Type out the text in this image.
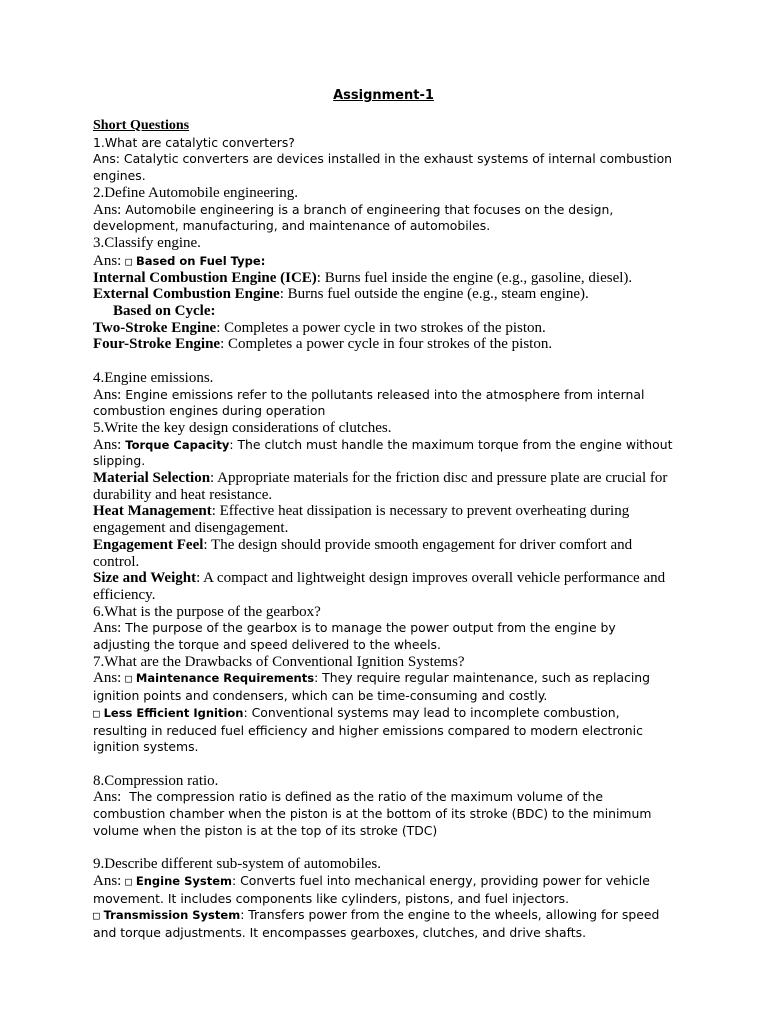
Assignment-1
Short Questions

1.What are catalytic converters?

Ans: Catalytic converters are devices installed in the exhaust systems of internal combustion engines.

2.Define Automobile engineering.

Ans: Automobile engineering is a branch of engineering that focuses on the design, development, manufacturing, and maintenance of automobiles.

3.Classify engine.

Ans: □ Based on Fuel Type:

Internal Combustion Engine (ICE): Burns fuel inside the engine (e.g., gasoline, diesel).

External Combustion Engine: Burns fuel outside the engine (e.g., steam engine).

Based on Cycle:

Two-Stroke Engine: Completes a power cycle in two strokes of the piston.

Four-Stroke Engine: Completes a power cycle in four strokes of the piston.

4.Engine emissions.

Ans: Engine emissions refer to the pollutants released into the atmosphere from internal combustion engines during operation

5.Write the key design considerations of clutches.

Ans: Torque Capacity: The clutch must handle the maximum torque from the engine without slipping.

Material Selection: Appropriate materials for the friction disc and pressure plate are crucial for durability and heat resistance.

Heat Management: Effective heat dissipation is necessary to prevent overheating during engagement and disengagement.

Engagement Feel: The design should provide smooth engagement for driver comfort and control.

Size and Weight: A compact and lightweight design improves overall vehicle performance and efficiency.

6.What is the purpose of the gearbox?

Ans: The purpose of the gearbox is to manage the power output from the engine by adjusting the torque and speed delivered to the wheels.

7.What are the Drawbacks of Conventional Ignition Systems?

Ans: □ Maintenance Requirements: They require regular maintenance, such as replacing ignition points and condensers, which can be time-consuming and costly.

□ Less Efficient Ignition: Conventional systems may lead to incomplete combustion, resulting in reduced fuel efficiency and higher emissions compared to modern electronic ignition systems.

8.Compression ratio.

Ans: The compression ratio is defined as the ratio of the maximum volume of the combustion chamber when the piston is at the bottom of its stroke (BDC) to the minimum volume when the piston is at the top of its stroke (TDC)

9.Describe different sub-system of automobiles.

Ans: □ Engine System: Converts fuel into mechanical energy, providing power for vehicle movement. It includes components like cylinders, pistons, and fuel injectors.

□ Transmission System: Transfers power from the engine to the wheels, allowing for speed and torque adjustments. It encompasses gearboxes, clutches, and drive shafts.
